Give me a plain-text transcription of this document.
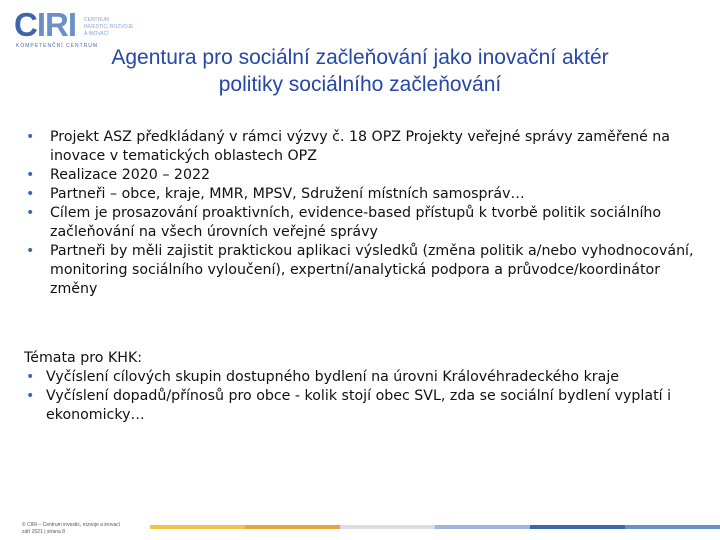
CIRI CENTRUM
INVESTIC, ROZVOJE
A INOVACÍ
KOMPETENČNÍ CENTRUM Agentura pro sociální začleňování jako inovační aktér
politiky sociálního začleňování
• Projekt ASZ předkládaný v rámci výzvy č. 18 OPZ Projekty veřejné správy zaměřené na inovace v tematických oblastech OPZ
• Realizace 2020 – 2022
• Partneři – obce, kraje, MMR, MPSV, Sdružení místních samospráv…
• Cílem je prosazování proaktivních, evidence-based přístupů k tvorbě politik sociálního začleňování na všech úrovních veřejné správy
• Partneři by měli zajistit praktickou aplikaci výsledků (změna politik a/nebo vyhodnocování, monitoring sociálního vyloučení), expertní/analytická podpora a průvodce/koordinátor změny
Témata pro KHK:
• Vyčíslení cílových skupin dostupného bydlení na úrovni Královéhradeckého kraje
• Vyčíslení dopadů/přínosů pro obce - kolik stojí obec SVL, zda se sociální bydlení vyplatí i ekonomicky…
© CIRI – Centrum investic, rozvoje a inovací
září 2021 | strana 8
